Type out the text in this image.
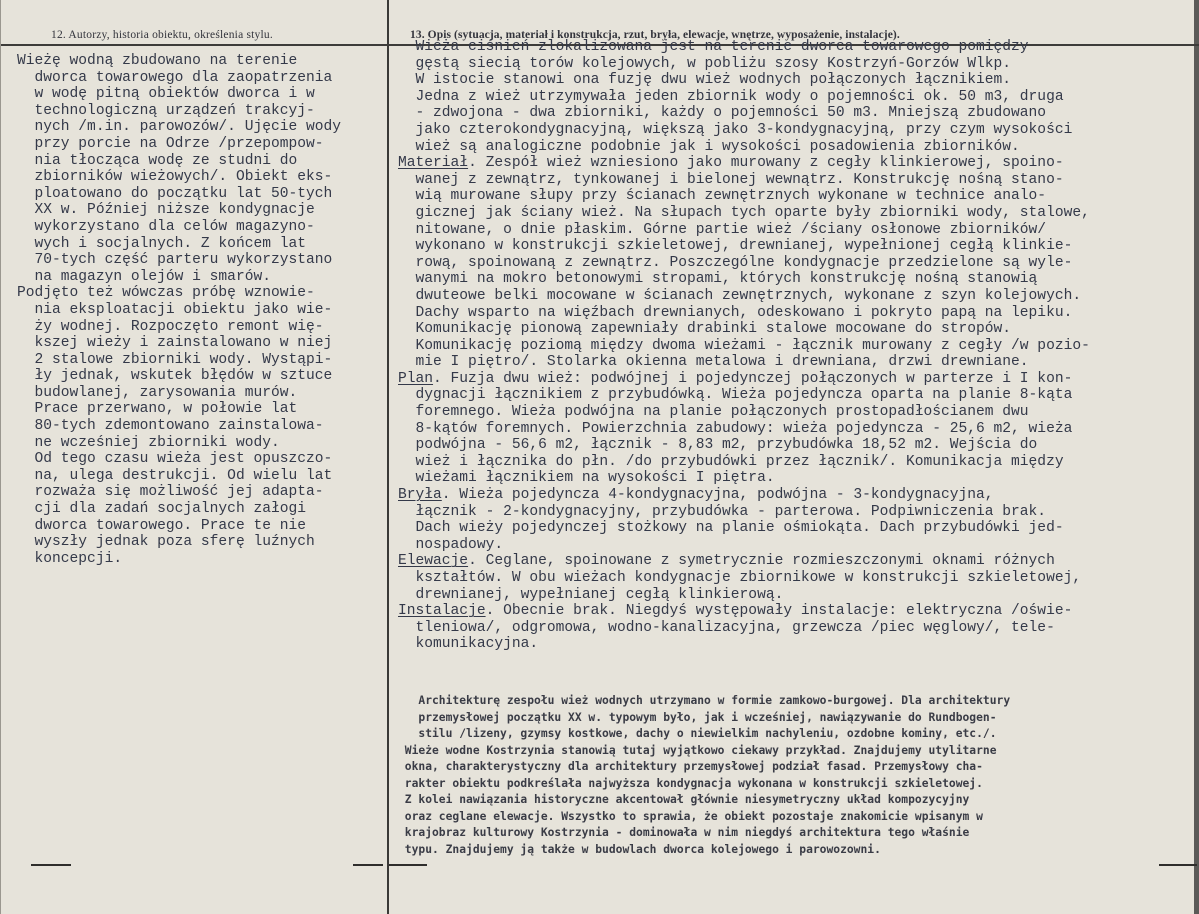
12. Autorzy, historia obiektu, określenia stylu.	13. Opis (sytuacja, materiał i konstrukcja, rzut, bryła, elewacje, wnętrze, wyposażenie, instalacje).
Wieżę wodną zbudowano na terenie
dworca towarowego dla zaopatrzenia
w wodę pitną obiektów dworca i w
technologiczną urządzeń trakcyj-
nych /m.in. parowozów/. Ujęcie wody
przy porcie na Odrze /przepompow-
nia tłocząca wodę ze studni do
zbiorników wieżowych/. Obiekt eks-
ploatowano do początku lat 50-tych
XX w. Później niższe kondygnacje
wykorzystano dla celów magazyno-
wych i socjalnych. Z końcem lat
70-tych część parteru wykorzystano
na magazyn olejów i smarów.
Podjęto też wówczas próbę wznowie-
nia eksploatacji obiektu jako wie-
ży wodnej. Rozpoczęto remont wię-
kszej wieży i zainstalowano w niej
2 stalowe zbiorniki wody. Wystąpi-
ły jednak, wskutek błędów w sztuce
budowlanej, zarysowania murów.
Prace przerwano, w połowie lat
80-tych zdemontowano zainstalowa-
ne wcześniej zbiorniki wody.
Od tego czasu wieża jest opuszczo-
na, ulega destrukcji. Od wielu lat
rozważa się możliwość jej adapta-
cji dla zadań socjalnych załogi
dworca towarowego. Prace te nie
wyszły jednak poza sferę luźnych
koncepcji.
Wieża ciśnień zlokalizowana jest na terenie dworca towarowego pomiędzy
gęstą siecią torów kolejowych, w pobliżu szosy Kostrzyń-Gorzów Wlkp.
W istocie stanowi ona fuzję dwu wież wodnych połączonych łącznikiem.
Jedna z wież utrzymywała jeden zbiornik wody o pojemności ok. 50 m3, druga
- zdwojona - dwa zbiorniki, każdy o pojemności 50 m3. Mniejszą zbudowano
jako czterokondygnacyjną, większą jako 3-kondygnacyjną, przy czym wysokości
wież są analogiczne podobnie jak i wysokości posadowienia zbiorników.
Materiał. Zespół wież wzniesiono jako murowany z cegły klinkierowej, spoino-
wanej z zewnątrz, tynkowanej i bielonej wewnątrz. Konstrukcję nośną stano-
wią murowane słupy przy ścianach zewnętrznych wykonane w technice analo-
gicznej jak ściany wież. Na słupach tych oparte były zbiorniki wody, stalowe,
nitowane, o dnie płaskim. Górne partie wież /ściany osłonowe zbiorników/
wykonano w konstrukcji szkieletowej, drewnianej, wypełnionej cegłą klinkie-
rową, spoinowaną z zewnątrz. Poszczególne kondygnacje przedzielone są wyle-
wanymi na mokro betonowymi stropami, których konstrukcję nośną stanowią
dwuteowe belki mocowane w ścianach zewnętrznych, wykonane z szyn kolejowych.
Dachy wsparto na więźbach drewnianych, odeskowano i pokryto papą na lepiku.
Komunikację pionową zapewniały drabinki stalowe mocowane do stropów.
Komunikację poziomą między dwoma wieżami - łącznik murowany z cegły /w pozio-
mie I piętro/. Stolarka okienna metalowa i drewniana, drzwi drewniane.
Plan. Fuzja dwu wież: podwójnej i pojedynczej połączonych w parterze i I kon-
dygnacji łącznikiem z przybudówką. Wieża pojedyncza oparta na planie 8-kąta
foremnego. Wieża podwójna na planie połączonych prostopadłościanem dwu
8-kątów foremnych. Powierzchnia zabudowy: wieża pojedyncza - 25,6 m2, wieża
podwójna - 56,6 m2, łącznik - 8,83 m2, przybudówka 18,52 m2. Wejścia do
wież i łącznika do płn. /do przybudówki przez łącznik/. Komunikacja między
wieżami łącznikiem na wysokości I piętra.
Bryła. Wieża pojedyncza 4-kondygnacyjna, podwójna - 3-kondygnacyjna,
łącznik - 2-kondygnacyjny, przybudówka - parterowa. Podpiwniczenia brak.
Dach wieży pojedynczej stożkowy na planie ośmiokąta. Dach przybudówki jed-
nospadowy.
Elewacje. Ceglane, spoinowane z symetrycznie rozmieszczonymi oknami różnych
kształtów. W obu wieżach kondygnacje zbiornikowe w konstrukcji szkieletowej,
drewnianej, wypełnianej cegłą klinkierową.
Instalacje. Obecnie brak. Niegdyś występowały instalacje: elektryczna /oświe-
tleniowa/, odgromowa, wodno-kanalizacyjna, grzewcza /piec węglowy/, tele-
komunikacyjna.
Architekturę zespołu wież wodnych utrzymano w formie zamkowo-burgowej. Dla architektury
przemysłowej początku XX w. typowym było, jak i wcześniej, nawiązywanie do Rundbogen-
stilu /lizeny, gzymsy kostkowe, dachy o niewielkim nachyleniu, ozdobne kominy, etc./.
Wieże wodne Kostrzynia stanowią tutaj wyjątkowo ciekawy przykład. Znajdujemy utylitarne
okna, charakterystyczny dla architektury przemysłowej podział fasad. Przemysłowy cha-
rakter obiektu podkreślała najwyższa kondygnacja wykonana w konstrukcji szkieletowej.
Z kolei nawiązania historyczne akcentował głównie niesymetryczny układ kompozycyjny
oraz ceglane elewacje. Wszystko to sprawia, że obiekt pozostaje znakomicie wpisanym w
krajobraz kulturowy Kostrzynia - dominowała w nim niegdyś architektura tego właśnie
typu. Znajdujemy ją także w budowlach dworca kolejowego i parowozowni.
